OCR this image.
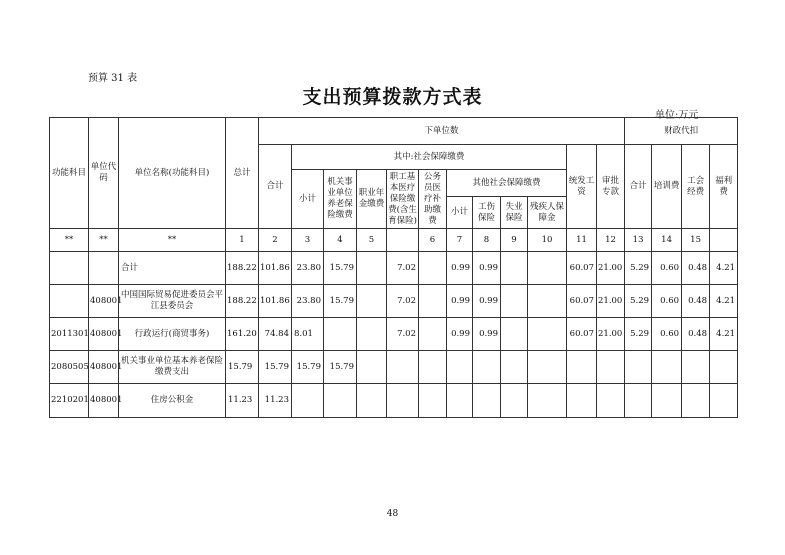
预算 31 表
支出预算拨款方式表
单位:万元
功能科目	单位代码	单位名称(功能科目)	总计	下单位数												财政代扣			
				合计	其中:社会保障缴费									统发工资	审批专款	合计	培训费	工会经费	福利费
					小计	机关事业单位养老保险缴费	职业年金缴费	职工基本医疗保险缴费(含生育保险)	公务员医疗补助缴费	其他社会保障缴费									
										小计	工伤保险	失业保险	残疾人保障金						
**	**	**	1	2	3	4	5		6	7	8	9	10	11	12	13	14	15	
		合计	188.22	101.86	23.80	15.79		7.02		0.99	0.99			60.07	21.00	5.29	0.60	0.48	4.21
	408001	中国国际贸易促进委员会平江县委员会	188.22	101.86	23.80	15.79		7.02		0.99	0.99			60.07	21.00	5.29	0.60	0.48	4.21
2011301	408001	行政运行(商贸事务)	161.20	74.84	8.01			7.02		0.99	0.99			60.07	21.00	5.29	0.60	0.48	4.21
2080505	408001	机关事业单位基本养老保险缴费支出	15.79	15.79	15.79	15.79													
2210201	408001	住房公积金	11.23	11.23															
48
